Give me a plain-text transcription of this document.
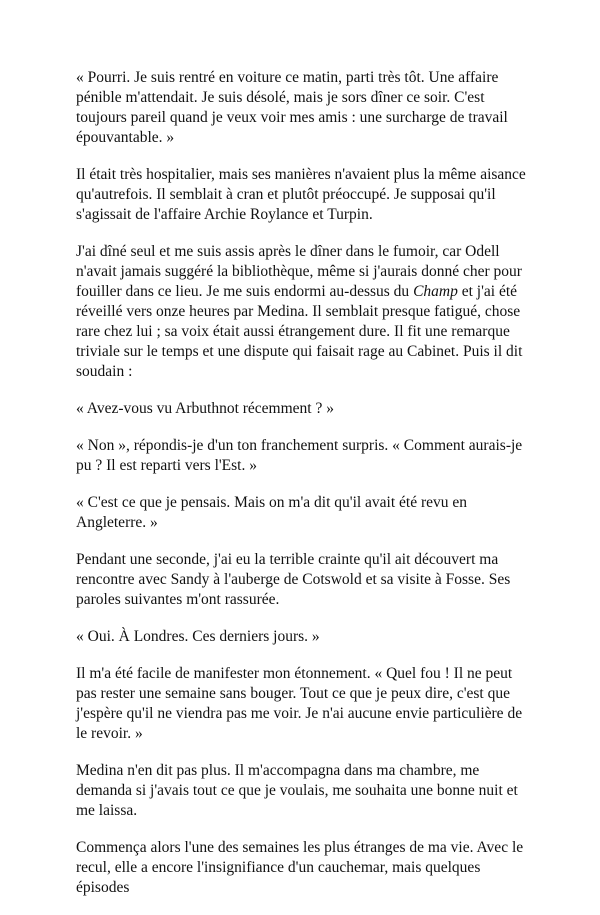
« Pourri. Je suis rentré en voiture ce matin, parti très tôt. Une affaire pénible m'attendait. Je suis désolé, mais je sors dîner ce soir. C'est toujours pareil quand je veux voir mes amis : une surcharge de travail épouvantable. »

Il était très hospitalier, mais ses manières n'avaient plus la même aisance qu'autrefois. Il semblait à cran et plutôt préoccupé. Je supposai qu'il s'agissait de l'affaire Archie Roylance et Turpin.

J'ai dîné seul et me suis assis après le dîner dans le fumoir, car Odell n'avait jamais suggéré la bibliothèque, même si j'aurais donné cher pour fouiller dans ce lieu. Je me suis endormi au-dessus du Champ et j'ai été réveillé vers onze heures par Medina. Il semblait presque fatigué, chose rare chez lui ; sa voix était aussi étrangement dure. Il fit une remarque triviale sur le temps et une dispute qui faisait rage au Cabinet. Puis il dit soudain :

« Avez-vous vu Arbuthnot récemment ? »

« Non », répondis-je d'un ton franchement surpris. « Comment aurais-je pu ? Il est reparti vers l'Est. »

« C'est ce que je pensais. Mais on m'a dit qu'il avait été revu en Angleterre. »

Pendant une seconde, j'ai eu la terrible crainte qu'il ait découvert ma rencontre avec Sandy à l'auberge de Cotswold et sa visite à Fosse. Ses paroles suivantes m'ont rassurée.

« Oui. À Londres. Ces derniers jours. »

Il m'a été facile de manifester mon étonnement. « Quel fou ! Il ne peut pas rester une semaine sans bouger. Tout ce que je peux dire, c'est que j'espère qu'il ne viendra pas me voir. Je n'ai aucune envie particulière de le revoir. »

Medina n'en dit pas plus. Il m'accompagna dans ma chambre, me demanda si j'avais tout ce que je voulais, me souhaita une bonne nuit et me laissa.

Commença alors l'une des semaines les plus étranges de ma vie. Avec le recul, elle a encore l'insignifiance d'un cauchemar, mais quelques épisodes
